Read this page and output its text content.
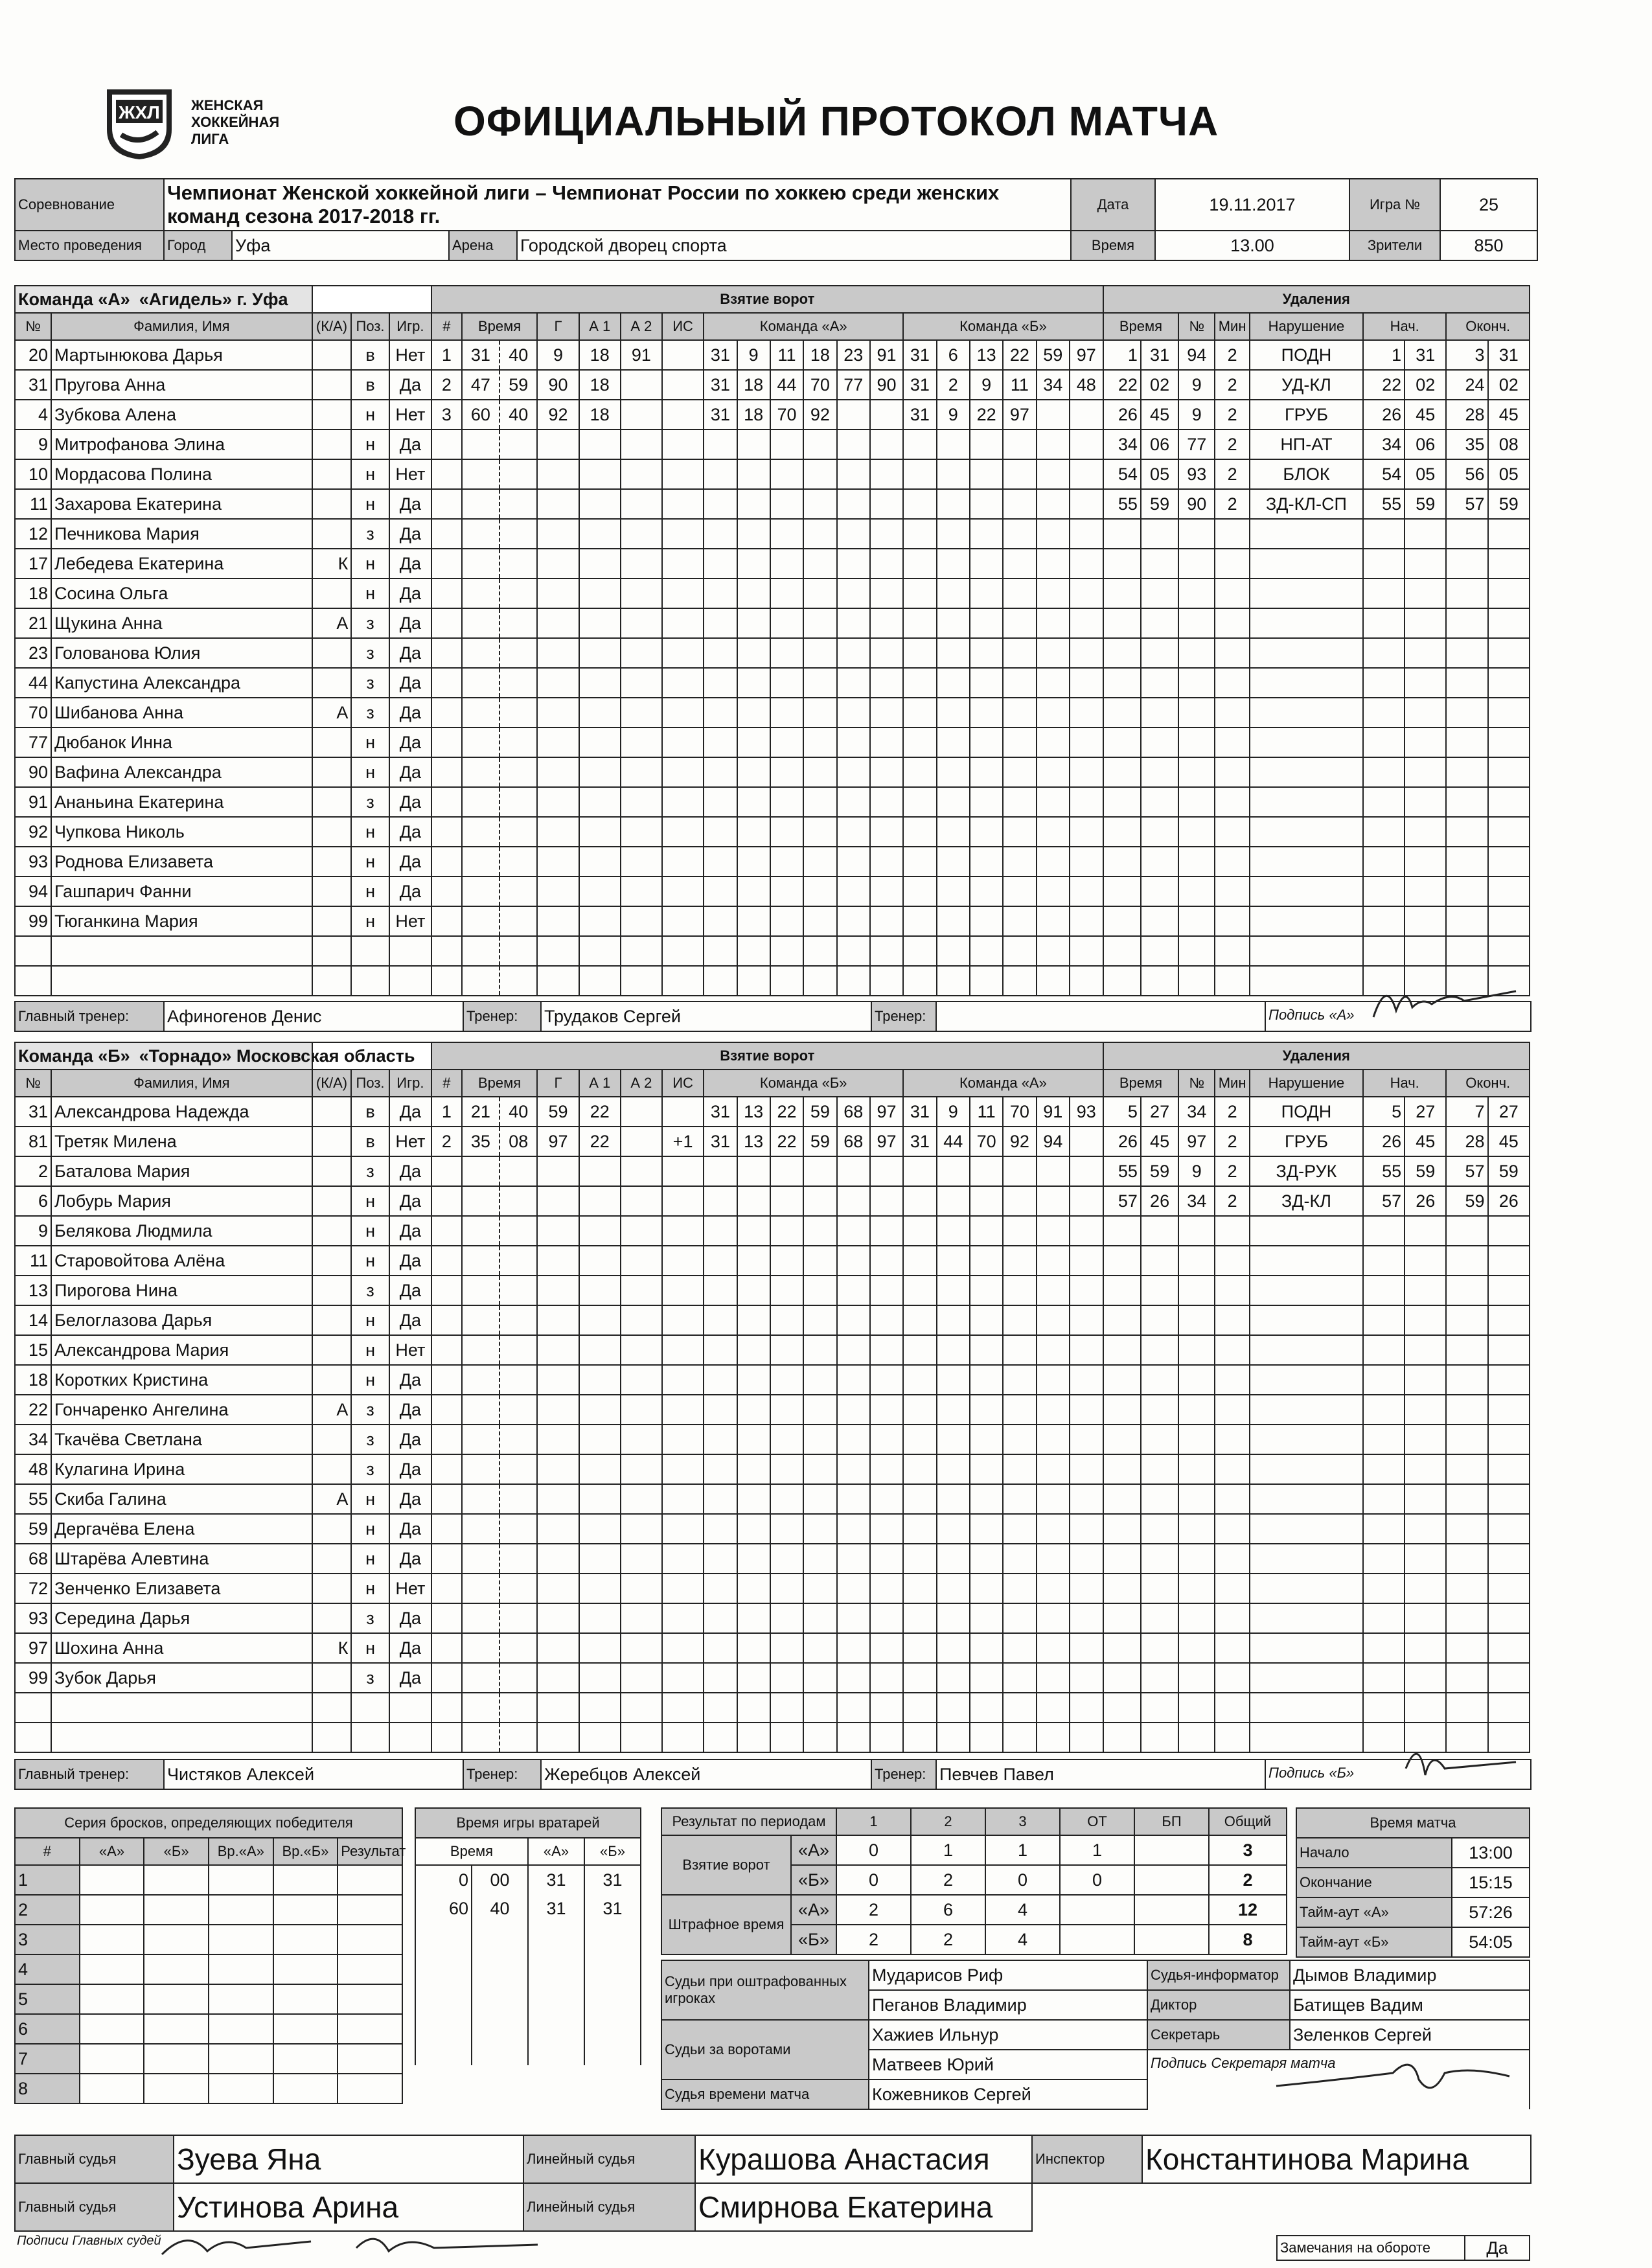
ЖХЛ ЖЕНСКАЯ
ХОККЕЙНАЯ
ЛИГА	ОФИЦИАЛЬНЫЙ ПРОТОКОЛ МАТЧА
Соревнование	Чемпионат Женской хоккейной лиги – Чемпионат России по хоккею среди женских команд сезона 2017-2018 гг.				Дата	19.11.2017	Игра №	25
Место проведения	Город	Уфа	Арена	Городской дворец спорта	Время	13.00	Зрители	850
Команда «А» «Агидель» г. Уфа					Взятие ворот																			Удаления								
№	Фамилия, Имя	(К/А)	Поз.	Игр.	#	Время		Г	А 1	А 2	ИС	Команда «А»						Команда «Б»						Время		№	Мин	Нарушение	Нач.		Оконч.	
20	Мартынюкова Дарья		в	Нет	1	31	40	9	18	91		31	9	11	18	23	91	31	6	13	22	59	97	1	31	94	2	ПОДН	1	31	3	31
31	Пругова Анна		в	Да	2	47	59	90	18			31	18	44	70	77	90	31	2	9	11	34	48	22	02	9	2	УД-КЛ	22	02	24	02
4	Зубкова Алена		н	Нет	3	60	40	92	18			31	18	70	92			31	9	22	97			26	45	9	2	ГРУБ	26	45	28	45
9	Митрофанова Элина		н	Да																				34	06	77	2	НП-АТ	34	06	35	08
10	Мордасова Полина		н	Нет																				54	05	93	2	БЛОК	54	05	56	05
11	Захарова Екатерина		н	Да																				55	59	90	2	ЗД-КЛ-СП	55	59	57	59
12	Печникова Мария		з	Да																												
17	Лебедева Екатерина	К	н	Да																												
18	Сосина Ольга		н	Да																												
21	Щукина Анна	А	з	Да																												
23	Голованова Юлия		з	Да																												
44	Капустина Александра		з	Да																												
70	Шибанова Анна	А	з	Да																												
77	Дюбанок Инна		н	Да																												
90	Вафина Александра		н	Да																												
91	Ананьина Екатерина		з	Да																												
92	Чупкова Николь		н	Да																												
93	Роднова Елизавета		н	Да																												
94	Гашпарич Фанни		н	Да																												
99	Тюганкина Мария		н	Нет																												

Главный тренер:	Афиногенов Денис	Тренер:	Трудаков Сергей	Тренер:		Подпись «А»
Команда «Б» «Торнадо» Московская область					Взятие ворот																			Удаления								
№	Фамилия, Имя	(К/А)	Поз.	Игр.	#	Время		Г	А 1	А 2	ИС	Команда «Б»						Команда «А»						Время		№	Мин	Нарушение	Нач.		Оконч.	
31	Александрова Надежда		в	Да	1	21	40	59	22			31	13	22	59	68	97	31	9	11	70	91	93	5	27	34	2	ПОДН	5	27	7	27
81	Третяк Милена		в	Нет	2	35	08	97	22		+1	31	13	22	59	68	97	31	44	70	92	94		26	45	97	2	ГРУБ	26	45	28	45
2	Баталова Мария		з	Да																				55	59	9	2	ЗД-РУК	55	59	57	59
6	Лобурь Мария		н	Да																				57	26	34	2	ЗД-КЛ	57	26	59	26
9	Белякова Людмила		н	Да																												
11	Старовойтова Алёна		н	Да																												
13	Пирогова Нина		з	Да																												
14	Белоглазова Дарья		н	Да																												
15	Александрова Мария		н	Нет																												
18	Коротких Кристина		н	Да																												
22	Гончаренко Ангелина	А	з	Да																												
34	Ткачёва Светлана		з	Да																												
48	Кулагина Ирина		з	Да																												
55	Скиба Галина	А	н	Да																												
59	Дергачёва Елена		н	Да																												
68	Штарёва Алевтина		н	Да																												
72	Зенченко Елизавета		н	Нет																												
93	Середина Дарья		з	Да																												
97	Шохина Анна	К	н	Да																												
99	Зубок Дарья		з	Да																												

Главный тренер:	Чистяков Алексей	Тренер:	Жеребцов Алексей	Тренер:	Певчев Павел	Подпись «Б»
Серия бросков, определяющих победителя					
#	«А»	«Б»	Вр.«А»	Вр.«Б»	Результат
1					
2					
3					
4					
5					
6					
7					
8					
Время игры вратарей			
Время		«А»	«Б»
0	00	31	31
60	40	31	31

Результат по периодам		1	2	3	ОТ	БП	Общий
Взятие ворот	«А»	0	1	1	1		3
	«Б»	0	2	0	0		2
Штрафное время	«А»	2	6	4			12
	«Б»	2	2	4			8
Время матча	
Начало	13:00
Окончание	15:15
Тайм-аут «А»	57:26
Тайм-аут «Б»	54:05
Судьи при оштрафованных игроках	Мударисов Риф	Судья-информатор	Дымов Владимир
	Пеганов Владимир	Диктор	Батищев Вадим
Судьи за воротами	Хажиев Ильнур	Секретарь	Зеленков Сергей
	Матвеев Юрий	Подпись Секретаря матча	
Судья времени матча	Кожевников Сергей		
Главный судья	Зуева Яна	Линейный судья	Курашова Анастасия	Инспектор	Константинова Марина
Главный судья	Устинова Арина	Линейный судья	Смирнова Екатерина		
Подписи Главных судей	Замечания на обороте	Да
